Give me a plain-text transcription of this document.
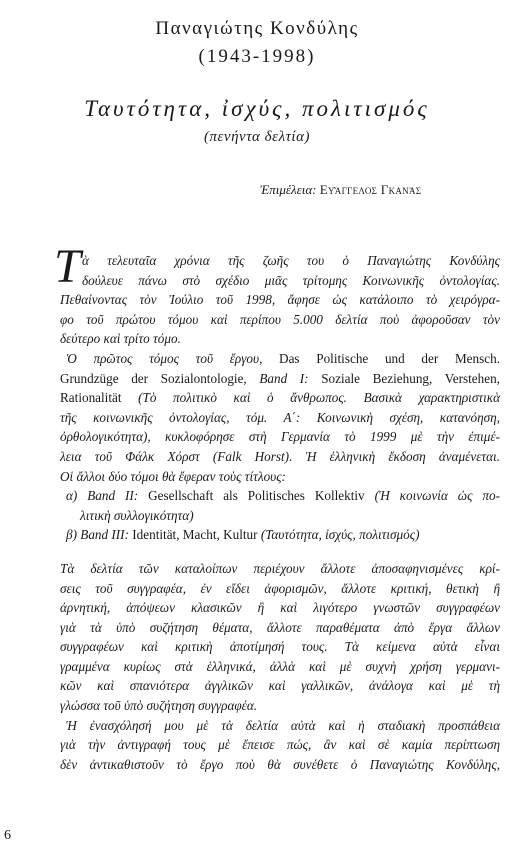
Παναγιώτης Κονδύλης
(1943-1998)
Ταυτότητα, ἰσχύς, πολιτισμός
(πενήντα δελτία)
Ἐπιμέλεια: Εὐάγγελος Γκανάς
Τ ὰ τελευταῖα χρόνια τῆς ζωῆς του ὁ Παναγιώτης Κονδύλης
δούλευε πάνω στὸ σχέδιο μιᾶς τρίτομης Κοινωνικῆς ὀντολογίας.
Πεθαίνοντας τὸν Ἰούλιο τοῦ 1998, ἄφησε ὡς κατάλοιπο τὸ χειρόγρα-
φο τοῦ πρώτου τόμου καὶ περίπου 5.000 δελτία ποὺ ἀφοροῦσαν τὸν
δεύτερο καὶ τρίτο τόμο.
Ὁ πρῶτος τόμος τοῦ ἔργου, Das Politische und der Mensch.
Grundzüge der Sozialontologie, Band I: Soziale Beziehung, Verstehen,
Rationalität (Τὸ πολιτικὸ καὶ ὁ ἄνθρωπος. Βασικὰ χαρακτηριστικὰ
τῆς κοινωνικῆς ὀντολογίας, τόμ. Α΄: Κοινωνικὴ σχέση, κατανόηση,
ὀρθολογικότητα), κυκλοφόρησε στὴ Γερμανία τὸ 1999 μὲ τὴν ἐπιμέ-
λεια τοῦ Φάλκ Χόρστ (Falk Horst). Ἡ ἑλληνικὴ ἔκδοση ἀναμένεται.
Οἱ ἄλλοι δύο τόμοι θὰ ἔφεραν τοὺς τίτλους:
α) Band II: Gesellschaft als Politisches Kollektiv (Ἡ κοινωνία ὡς πο-
λιτικὴ συλλογικότητα)
β) Band III: Identität, Macht, Kultur (Ταυτότητα, ἰσχύς, πολιτισμός)
Τὰ δελτία τῶν καταλοίπων περιέχουν ἄλλοτε ἀποσαφηνισμένες κρί-
σεις τοῦ συγγραφέα, ἐν εἴδει ἀφορισμῶν, ἄλλοτε κριτική, θετικὴ ἢ
ἀρνητική, ἀπόψεων κλασικῶν ἢ καὶ λιγότερο γνωστῶν συγγραφέων
γιὰ τὰ ὑπὸ συζήτηση θέματα, ἄλλοτε παραθέματα ἀπὸ ἔργα ἄλλων
συγγραφέων καὶ κριτικὴ ἀποτίμησή τους. Τὰ κείμενα αὐτὰ εἶναι
γραμμένα κυρίως στὰ ἑλληνικά, ἀλλὰ καὶ μὲ συχνὴ χρήση γερμανι-
κῶν καὶ σπανιότερα ἀγγλικῶν καὶ γαλλικῶν, ἀνάλογα καὶ μὲ τὴ
γλώσσα τοῦ ὑπὸ συζήτηση συγγραφέα.
Ἡ ἐνασχόλησή μου μὲ τὰ δελτία αὐτὰ καὶ ἡ σταδιακὴ προσπάθεια
γιὰ τὴν ἀντιγραφή τους μὲ ἔπεισε πώς, ἂν καὶ σὲ καμία περίπτωση
δὲν ἀντικαθιστοῦν τὸ ἔργο ποὺ θὰ συνέθετε ὁ Παναγιώτης Κονδύλης,
6
